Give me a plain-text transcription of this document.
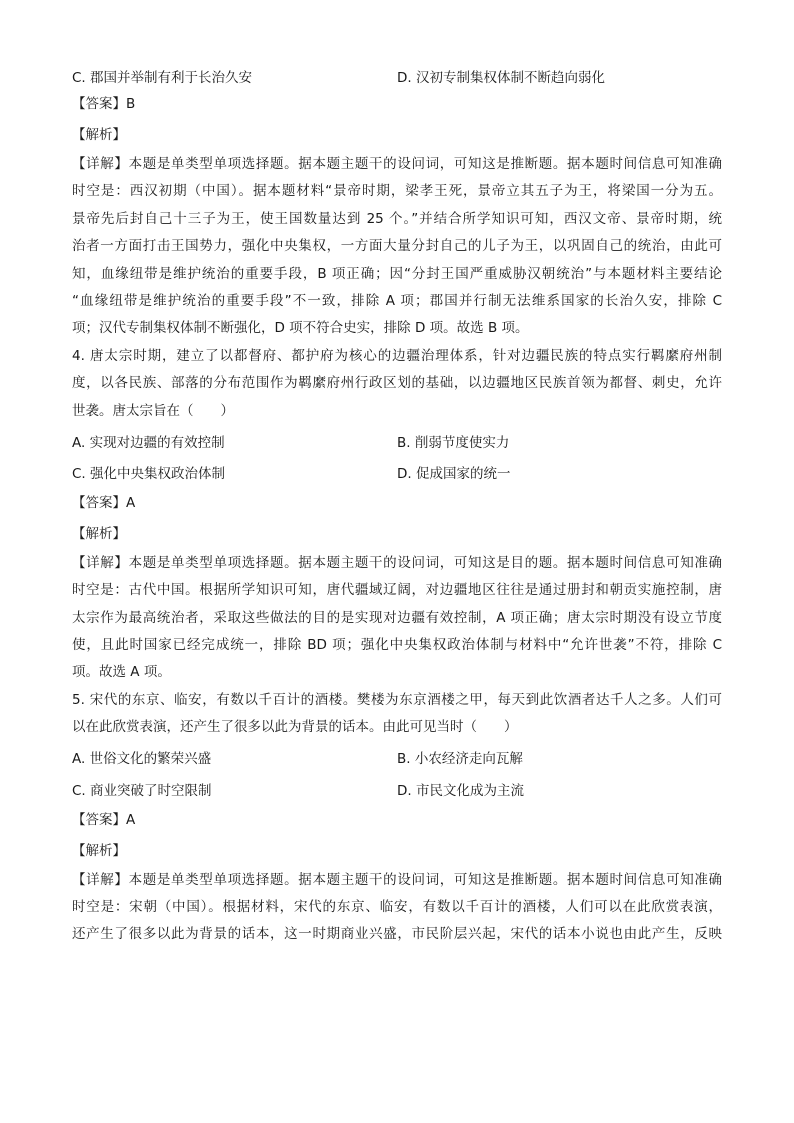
C. 郡国并举制有利于长治久安	D. 汉初专制集权体制不断趋向弱化
【答案】B
【解析】
【详解】本题是单类型单项选择题。据本题主题干的设问词，可知这是推断题。据本题时间信息可知准确
时空是：西汉初期（中国）。据本题材料“景帝时期，梁孝王死，景帝立其五子为王，将梁国一分为五。
景帝先后封自己十三子为王，使王国数量达到 25 个。”并结合所学知识可知，西汉文帝、景帝时期，统
治者一方面打击王国势力，强化中央集权，一方面大量分封自己的儿子为王，以巩固自己的统治，由此可
知，血缘纽带是维护统治的重要手段，B 项正确；因“分封王国严重威胁汉朝统治”与本题材料主要结论
“血缘纽带是维护统治的重要手段”不一致，排除 A 项；郡国并行制无法维系国家的长治久安，排除 C
项；汉代专制集权体制不断强化，D 项不符合史实，排除 D 项。故选 B 项。
4. 唐太宗时期，建立了以都督府、都护府为核心的边疆治理体系，针对边疆民族的特点实行羁縻府州制
度，以各民族、部落的分布范围作为羁縻府州行政区划的基础，以边疆地区民族首领为都督、刺史，允许
世袭。唐太宗旨在（　　）
A. 实现对边疆的有效控制	B. 削弱节度使实力
C. 强化中央集权政治体制	D. 促成国家的统一
【答案】A
【解析】
【详解】本题是单类型单项选择题。据本题主题干的设问词，可知这是目的题。据本题时间信息可知准确
时空是：古代中国。根据所学知识可知，唐代疆域辽阔，对边疆地区往往是通过册封和朝贡实施控制，唐
太宗作为最高统治者，采取这些做法的目的是实现对边疆有效控制，A 项正确；唐太宗时期没有设立节度
使，且此时国家已经完成统一，排除 BD 项；强化中央集权政治体制与材料中“允许世袭”不符，排除 C
项。故选 A 项。
5. 宋代的东京、临安，有数以千百计的酒楼。樊楼为东京酒楼之甲，每天到此饮酒者达千人之多。人们可
以在此欣赏表演，还产生了很多以此为背景的话本。由此可见当时（　　）
A. 世俗文化的繁荣兴盛	B. 小农经济走向瓦解
C. 商业突破了时空限制	D. 市民文化成为主流
【答案】A
【解析】
【详解】本题是单类型单项选择题。据本题主题干的设问词，可知这是推断题。据本题时间信息可知准确
时空是：宋朝（中国）。根据材料，宋代的东京、临安，有数以千百计的酒楼，人们可以在此欣赏表演，
还产生了很多以此为背景的话本，这一时期商业兴盛，市民阶层兴起，宋代的话本小说也由此产生，反映
